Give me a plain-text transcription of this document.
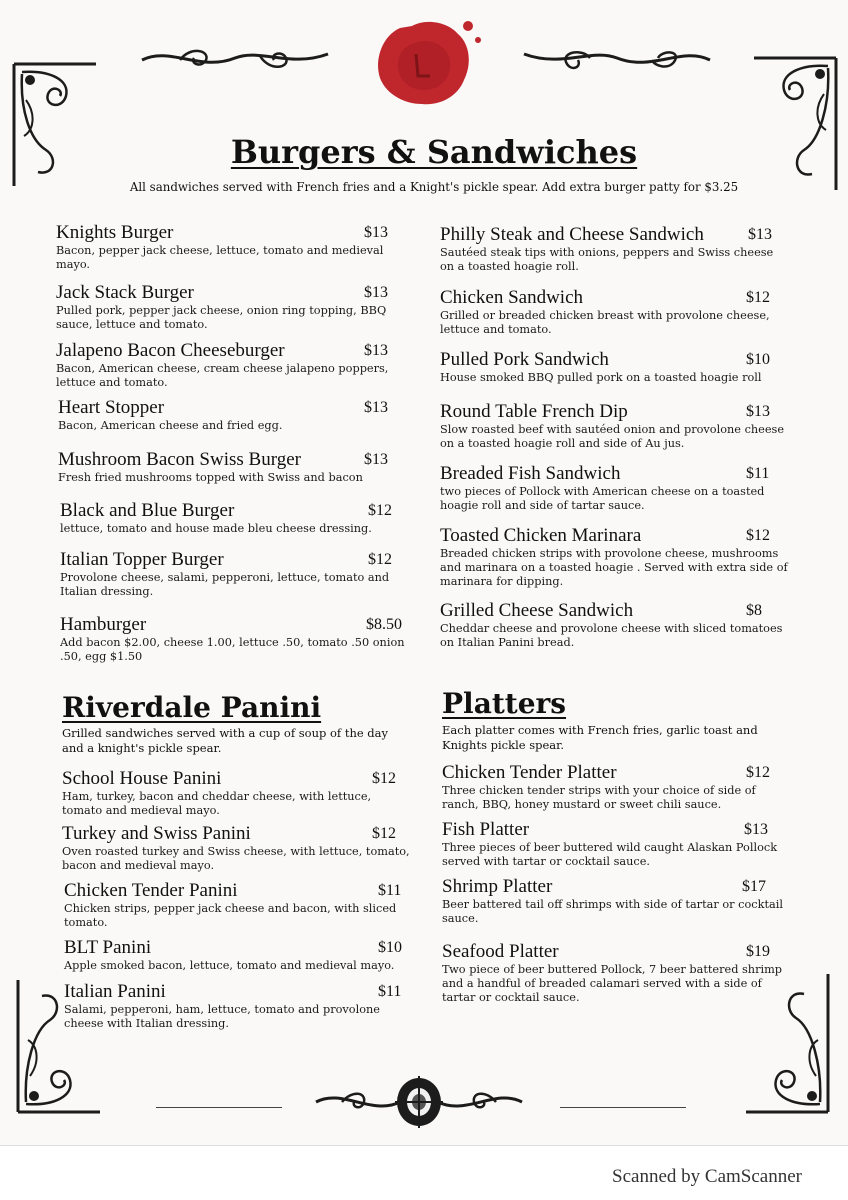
Burgers & Sandwiches
All sandwiches served with French fries and a Knight's pickle spear. Add extra burger patty for $3.25
Knights Burger	$13
Bacon, pepper jack cheese, lettuce, tomato and medieval mayo.
Jack Stack Burger	$13
Pulled pork, pepper jack cheese, onion ring topping, BBQ sauce, lettuce and tomato.
Jalapeno Bacon Cheeseburger	$13
Bacon, American cheese, cream cheese jalapeno poppers, lettuce and tomato.
Heart Stopper	$13
Bacon, American cheese and fried egg.
Mushroom Bacon Swiss Burger	$13
Fresh fried mushrooms topped with Swiss and bacon
Black and Blue Burger	$12
lettuce, tomato and house made bleu cheese dressing.
Italian Topper Burger	$12
Provolone cheese, salami, pepperoni, lettuce, tomato and Italian dressing.
Hamburger	$8.50
Add bacon $2.00, cheese 1.00, lettuce .50, tomato .50 onion .50, egg $1.50
Philly Steak and Cheese Sandwich	$13
Sautéed steak tips with onions, peppers and Swiss cheese on a toasted hoagie roll.
Chicken Sandwich	$12
Grilled or breaded chicken breast with provolone cheese, lettuce and tomato.
Pulled Pork Sandwich	$10
House smoked BBQ pulled pork on a toasted hoagie roll
Round Table French Dip	$13
Slow roasted beef with sautéed onion and provolone cheese on a toasted hoagie roll and side of Au jus.
Breaded Fish Sandwich	$11
two pieces of Pollock with American cheese on a toasted hoagie roll and side of tartar sauce.
Toasted Chicken Marinara	$12
Breaded chicken strips with provolone cheese, mushrooms and marinara on a toasted hoagie . Served with extra side of marinara for dipping.
Grilled Cheese Sandwich	$8
Cheddar cheese and provolone cheese with sliced tomatoes on Italian Panini bread.
Riverdale Panini
Grilled sandwiches served with a cup of soup of the day and a knight's pickle spear.
School House Panini	$12
Ham, turkey, bacon and cheddar cheese, with lettuce, tomato and medieval mayo.
Turkey and Swiss Panini	$12
Oven roasted turkey and Swiss cheese, with lettuce, tomato, bacon and medieval mayo.
Chicken Tender Panini	$11
Chicken strips, pepper jack cheese and bacon, with sliced tomato.
BLT Panini	$10
Apple smoked bacon, lettuce, tomato and medieval mayo.
Italian Panini	$11
Salami, pepperoni, ham, lettuce, tomato and provolone cheese with Italian dressing.
Platters
Each platter comes with French fries, garlic toast and Knights pickle spear.
Chicken Tender Platter	$12
Three chicken tender strips with your choice of side of ranch, BBQ, honey mustard or sweet chili sauce.
Fish Platter	$13
Three pieces of beer buttered wild caught Alaskan Pollock served with tartar or cocktail sauce.
Shrimp Platter	$17
Beer battered tail off shrimps with side of tartar or cocktail sauce.
Seafood Platter	$19
Two piece of beer buttered Pollock, 7 beer battered shrimp and a handful of breaded calamari served with a side of tartar or cocktail sauce.
Scanned by CamScanner
